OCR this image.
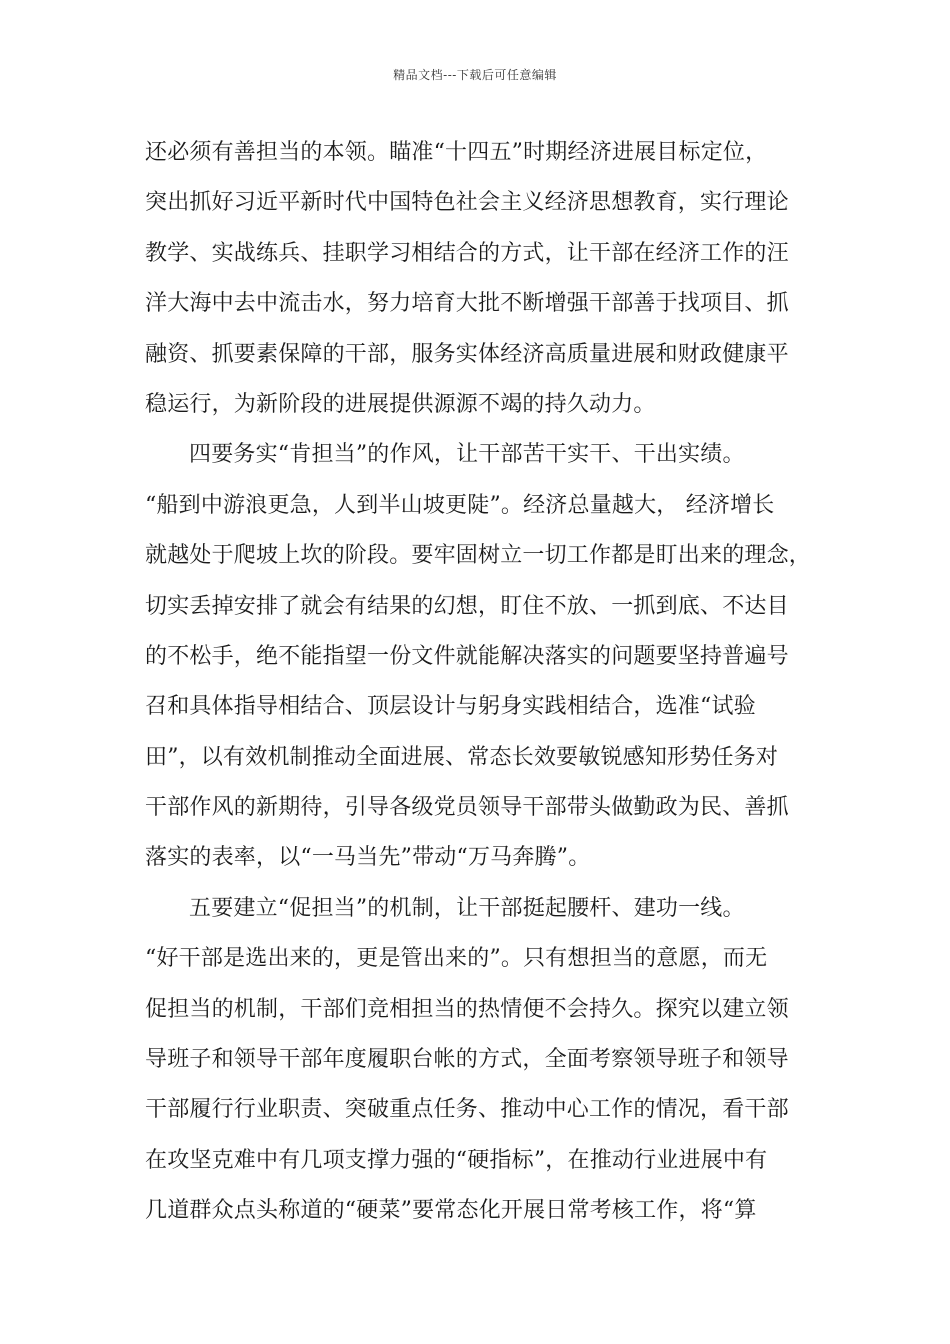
精品文档---下载后可任意编辑
还必须有善担当的本领。瞄准“十四五”时期经济进展目标定位，
突出抓好习近平新时代中国特色社会主义经济思想教育，实行理论
教学、实战练兵、挂职学习相结合的方式，让干部在经济工作的汪
洋大海中去中流击水，努力培育大批不断增强干部善于找项目、抓
融资、抓要素保障的干部，服务实体经济高质量进展和财政健康平
稳运行，为新阶段的进展提供源源不竭的持久动力。
四要务实“肯担当”的作风，让干部苦干实干、干出实绩。
“船到中游浪更急，人到半山坡更陡”。经济总量越大， 经济增长
就越处于爬坡上坎的阶段。要牢固树立一切工作都是盯出来的理念，
切实丢掉安排了就会有结果的幻想，盯住不放、一抓到底、不达目
的不松手，绝不能指望一份文件就能解决落实的问题要坚持普遍号
召和具体指导相结合、顶层设计与躬身实践相结合，选准“试验
田”，以有效机制推动全面进展、常态长效要敏锐感知形势任务对
干部作风的新期待，引导各级党员领导干部带头做勤政为民、善抓
落实的表率，以“一马当先”带动“万马奔腾”。
五要建立“促担当”的机制，让干部挺起腰杆、建功一线。
“好干部是选出来的，更是管出来的”。只有想担当的意愿，而无
促担当的机制，干部们竞相担当的热情便不会持久。探究以建立领
导班子和领导干部年度履职台帐的方式，全面考察领导班子和领导
干部履行行业职责、突破重点任务、推动中心工作的情况，看干部
在攻坚克难中有几项支撑力强的“硬指标”，在推动行业进展中有
几道群众点头称道的“硬菜”要常态化开展日常考核工作，将“算
